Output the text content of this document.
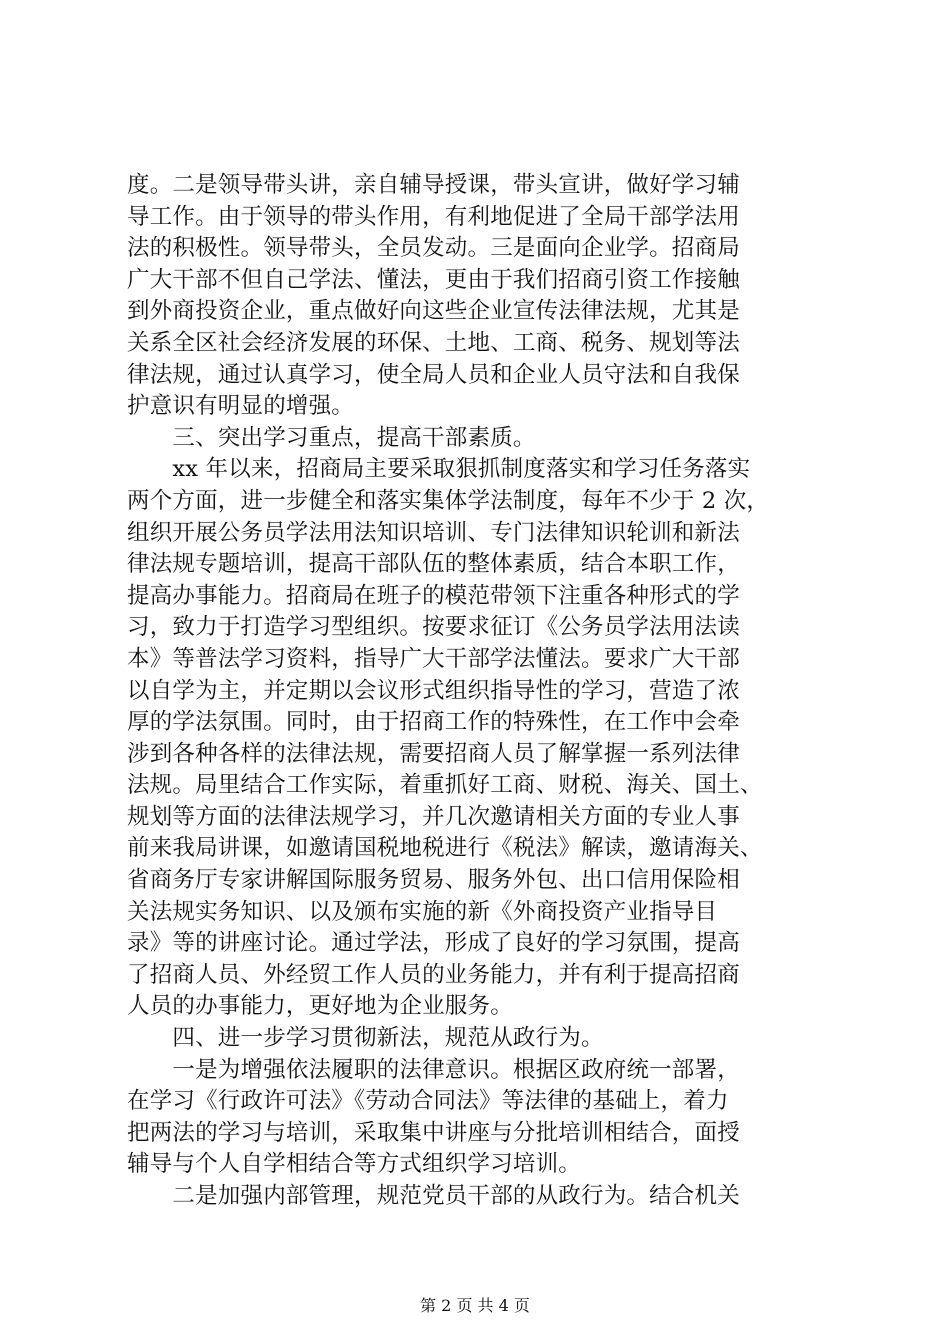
度。二是领导带头讲，亲自辅导授课，带头宣讲，做好学习辅
导工作。由于领导的带头作用，有利地促进了全局干部学法用
法的积极性。领导带头，全员发动。三是面向企业学。招商局
广大干部不但自己学法、懂法，更由于我们招商引资工作接触
到外商投资企业，重点做好向这些企业宣传法律法规，尤其是
关系全区社会经济发展的环保、土地、工商、税务、规划等法
律法规，通过认真学习，使全局人员和企业人员守法和自我保
护意识有明显的增强。
　　三、突出学习重点，提高干部素质。
　　xx 年以来，招商局主要采取狠抓制度落实和学习任务落实
两个方面，进一步健全和落实集体学法制度，每年不少于 2 次，
组织开展公务员学法用法知识培训、专门法律知识轮训和新法
律法规专题培训，提高干部队伍的整体素质，结合本职工作，
提高办事能力。招商局在班子的模范带领下注重各种形式的学
习，致力于打造学习型组织。按要求征订《公务员学法用法读
本》等普法学习资料，指导广大干部学法懂法。要求广大干部
以自学为主，并定期以会议形式组织指导性的学习，营造了浓
厚的学法氛围。同时，由于招商工作的特殊性，在工作中会牵
涉到各种各样的法律法规，需要招商人员了解掌握一系列法律
法规。局里结合工作实际，着重抓好工商、财税、海关、国土、
规划等方面的法律法规学习，并几次邀请相关方面的专业人事
前来我局讲课，如邀请国税地税进行《税法》解读，邀请海关、
省商务厅专家讲解国际服务贸易、服务外包、出口信用保险相
关法规实务知识、以及颁布实施的新《外商投资产业指导目
录》等的讲座讨论。通过学法，形成了良好的学习氛围，提高
了招商人员、外经贸工作人员的业务能力，并有利于提高招商
人员的办事能力，更好地为企业服务。
　　四、进一步学习贯彻新法，规范从政行为。
　　一是为增强依法履职的法律意识。根据区政府统一部署，
在学习《行政许可法》《劳动合同法》等法律的基础上，着力
把两法的学习与培训，采取集中讲座与分批培训相结合，面授
辅导与个人自学相结合等方式组织学习培训。
　　二是加强内部管理，规范党员干部的从政行为。结合机关
第 2 页 共 4 页
